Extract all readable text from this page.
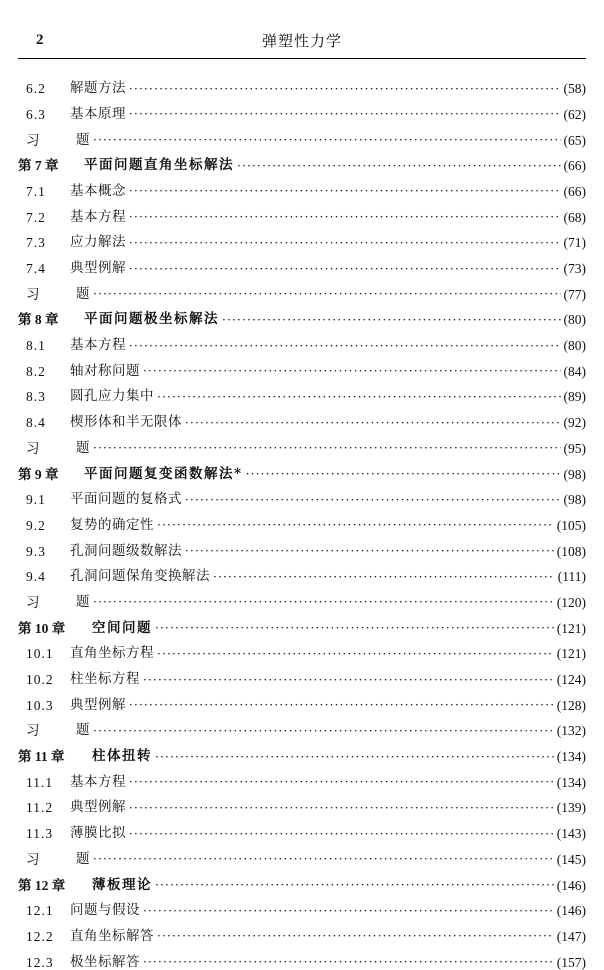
2	弹塑性力学
6.2	解题方法 ·····	(58)
6.3	基本原理 ·····	(62)
习	题 ·····	(65)
第 7 章	平面问题直角坐标解法 ·····	(66)
7.1	基本概念 ·····	(66)
7.2	基本方程 ·····	(68)
7.3	应力解法 ·····	(71)
7.4	典型例解 ·····	(73)
习	题 ·····	(77)
第 8 章	平面问题极坐标解法 ·····	(80)
8.1	基本方程 ·····	(80)
8.2	轴对称问题 ·····	(84)
8.3	圆孔应力集中 ·····	(89)
8.4	楔形体和半无限体 ·····	(92)
习	题 ·····	(95)
第 9 章	平面问题复变函数解法* ·····	(98)
9.1	平面问题的复格式 ·····	(98)
9.2	复势的确定性 ·····	(105)
9.3	孔洞问题级数解法 ·····	(108)
9.4	孔洞问题保角变换解法 ·····	(111)
习	题 ·····	(120)
第 10 章	空间问题 ·····	(121)
10.1	直角坐标方程 ·····	(121)
10.2	柱坐标方程 ·····	(124)
10.3	典型例解 ·····	(128)
习	题 ·····	(132)
第 11 章	柱体扭转 ·····	(134)
11.1	基本方程 ·····	(134)
11.2	典型例解 ·····	(139)
11.3	薄膜比拟 ·····	(143)
习	题 ·····	(145)
第 12 章	薄板理论 ·····	(146)
12.1	问题与假设 ·····	(146)
12.2	直角坐标解答 ·····	(147)
12.3	极坐标解答 ·····	(157)
